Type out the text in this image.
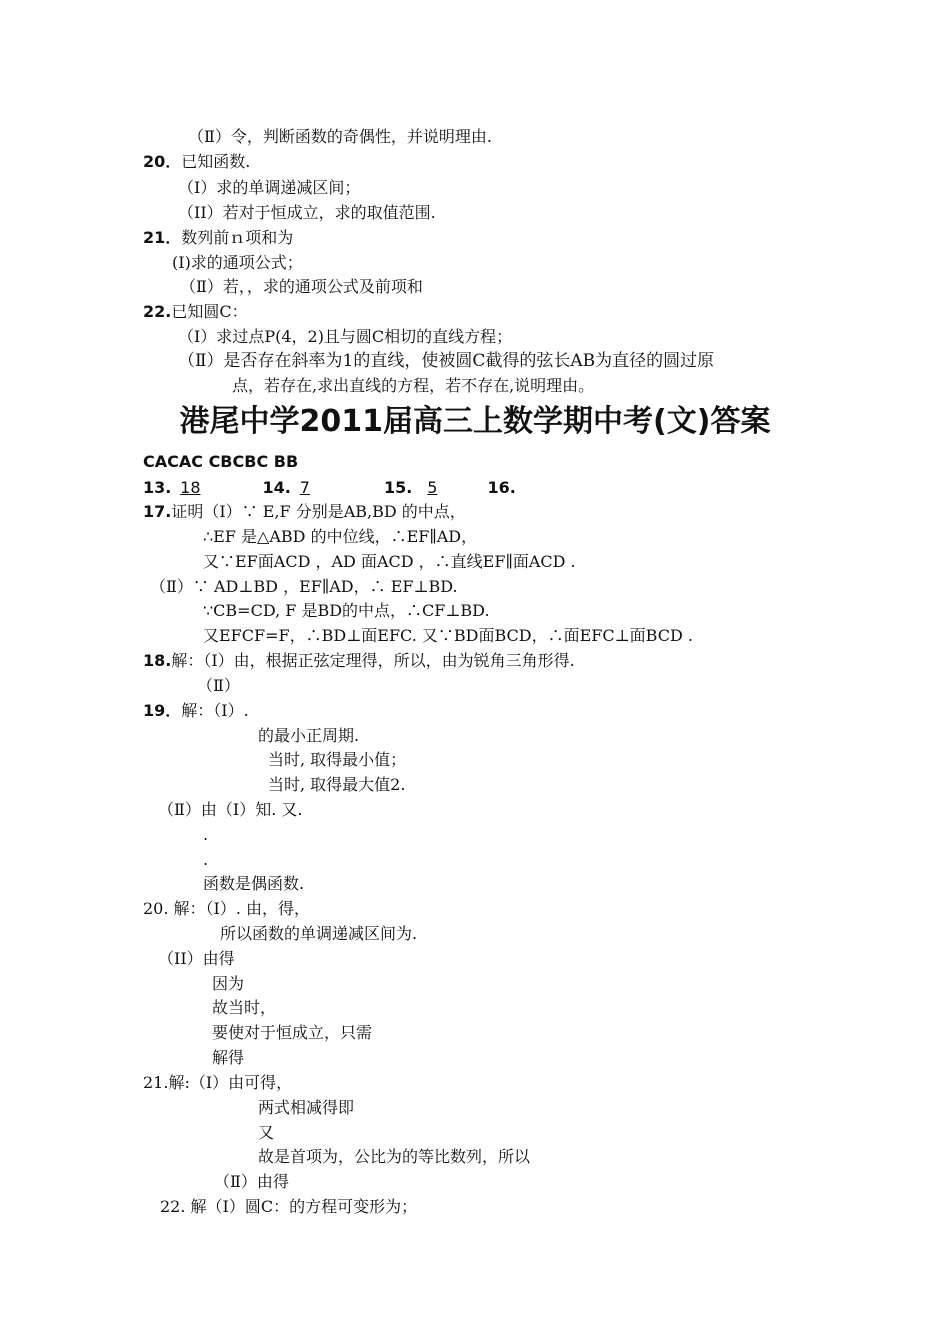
（Ⅱ）令，判断函数的奇偶性，并说明理由.
20．已知函数.
（I）求的单调递减区间；
（II）若对于恒成立，求的取值范围.
21．数列前ｎ项和为
(Ⅰ)求的通项公式；
（Ⅱ）若，，求的通项公式及前项和
22.已知圆C：
（I）求过点P(4，2)且与圆C相切的直线方程；
（Ⅱ）是否存在斜率为1的直线，使被圆C截得的弦长AB为直径的圆过原
点，若存在,求出直线的方程，若不存在,说明理由。
港尾中学2011届高三上数学期中考(文)答案
CACAC CBCBC BB
13.18	14.7	15.5	16.
17.证明（Ⅰ）∵ E,F 分别是AB,BD 的中点，
∴EF 是△ABD 的中位线，∴EF∥AD，
又∵EF面ACD ，AD 面ACD ，∴直线EF∥面ACD .
（Ⅱ）∵ AD⊥BD ，EF∥AD，∴ EF⊥BD.
∵CB=CD, F 是BD的中点，∴CF⊥BD.
又EFCF=F，∴BD⊥面EFC. 又∵BD面BCD，∴面EFC⊥面BCD .
18.解：（Ⅰ）由，根据正弦定理得，所以，由为锐角三角形得.
（Ⅱ）
19．解：（Ⅰ）.
的最小正周期.
当时, 取得最小值；
当时, 取得最大值2.
（Ⅱ）由（Ⅰ）知. 又.
.
.
函数是偶函数.
20. 解：（I）. 由，得，
所以函数的单调递减区间为.
（II）由得
因为
故当时，
要使对于恒成立，只需
解得
21.解:（Ⅰ）由可得，
两式相减得即
又
故是首项为，公比为的等比数列，所以
（Ⅱ）由得
22. 解（I）圆C：的方程可变形为；
